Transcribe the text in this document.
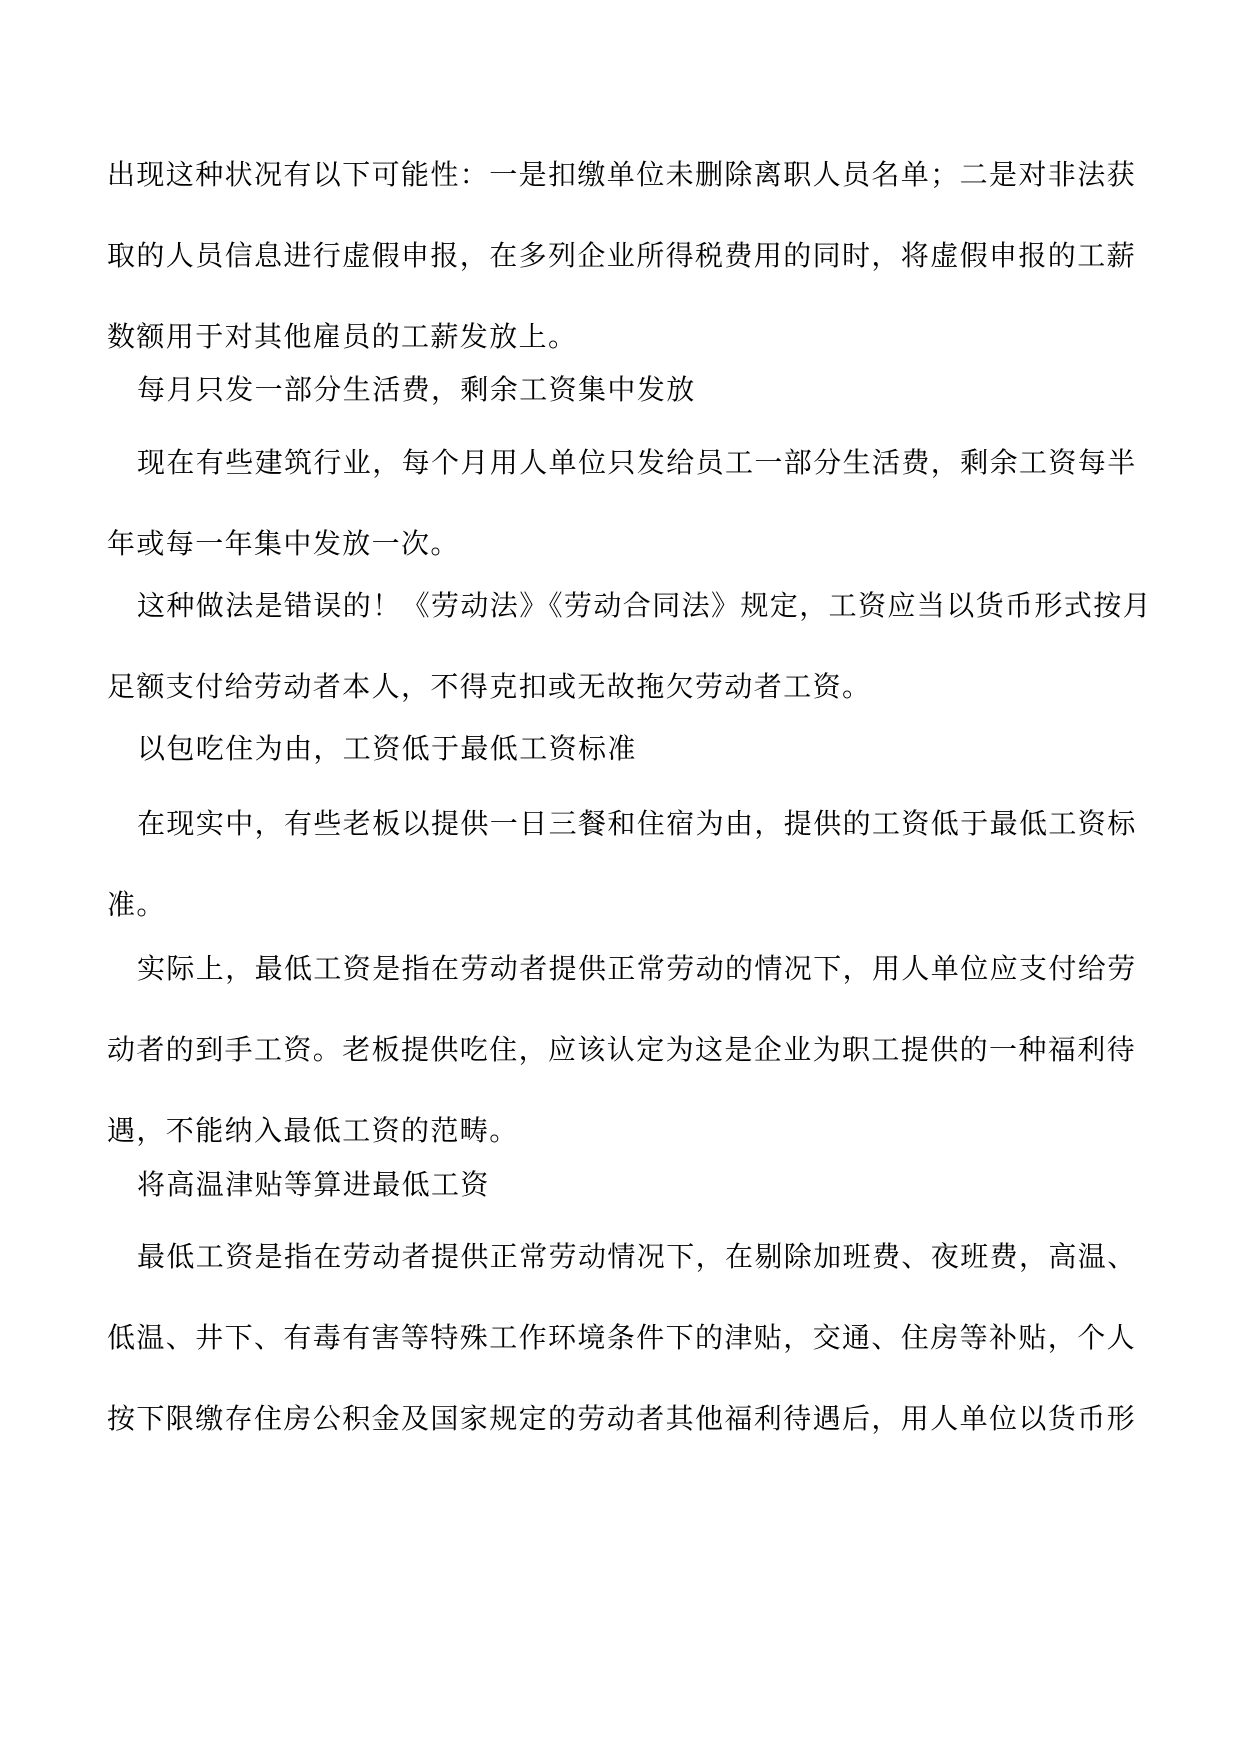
出现这种状况有以下可能性：一是扣缴单位未删除离职人员名单；二是对非法获
取的人员信息进行虚假申报，在多列企业所得税费用的同时，将虚假申报的工薪
数额用于对其他雇员的工薪发放上。

每月只发一部分生活费，剩余工资集中发放

现在有些建筑行业，每个月用人单位只发给员工一部分生活费，剩余工资每半
年或每一年集中发放一次。

这种做法是错误的！《劳动法》《劳动合同法》规定，工资应当以货币形式按月
足额支付给劳动者本人，不得克扣或无故拖欠劳动者工资。

以包吃住为由，工资低于最低工资标准

在现实中，有些老板以提供一日三餐和住宿为由，提供的工资低于最低工资标
准。

实际上，最低工资是指在劳动者提供正常劳动的情况下，用人单位应支付给劳
动者的到手工资。老板提供吃住，应该认定为这是企业为职工提供的一种福利待
遇，不能纳入最低工资的范畴。

将高温津贴等算进最低工资

最低工资是指在劳动者提供正常劳动情况下，在剔除加班费、夜班费，高温、
低温、井下、有毒有害等特殊工作环境条件下的津贴，交通、住房等补贴，个人
按下限缴存住房公积金及国家规定的劳动者其他福利待遇后，用人单位以货币形
